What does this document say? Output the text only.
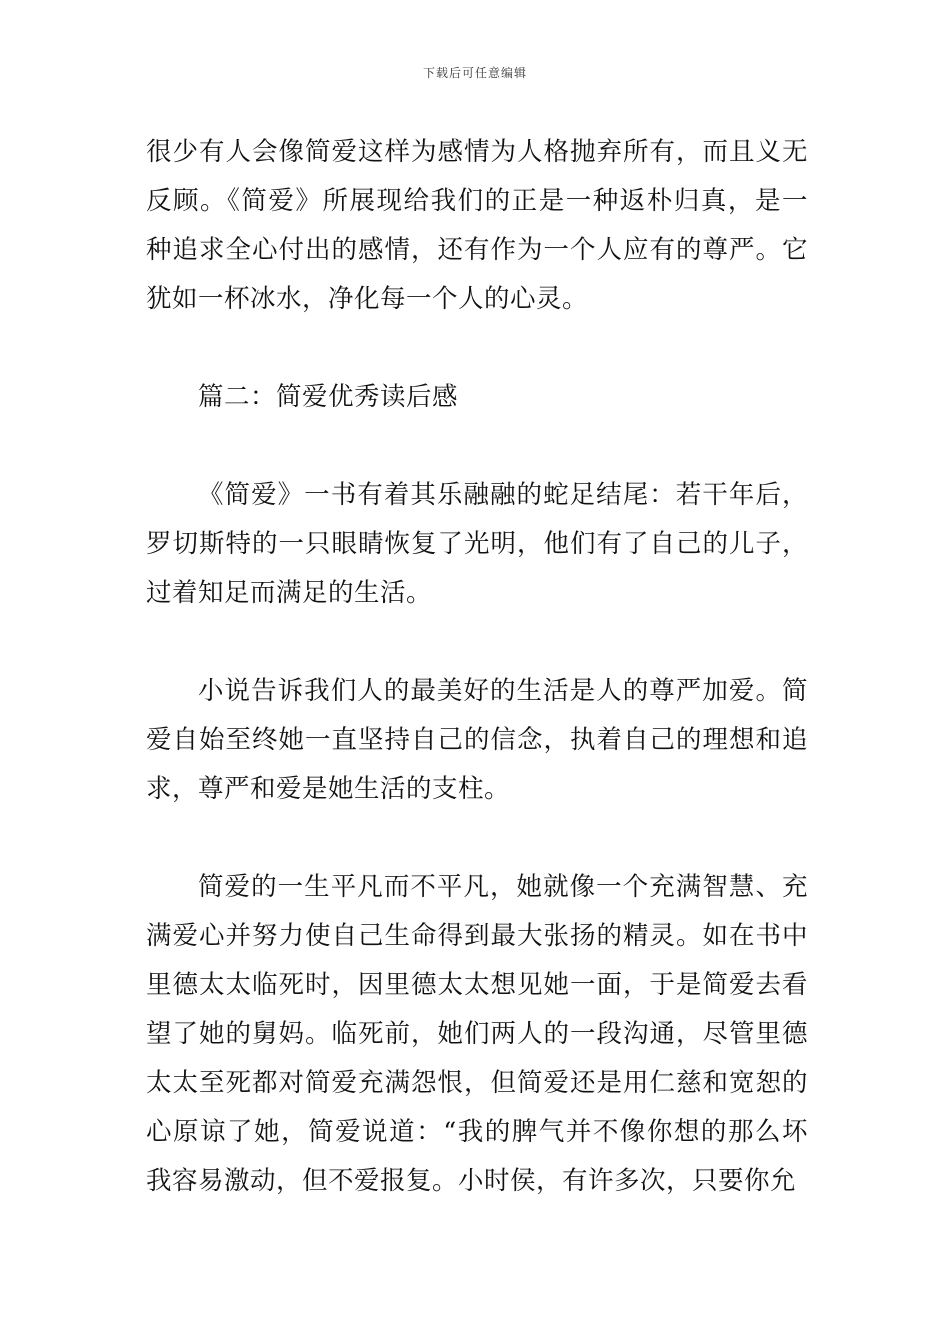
下载后可任意编辑

很少有人会像简爱这样为感情为人格抛弃所有，而且义无反顾。《简爱》所展现给我们的正是一种返朴归真，是一种追求全心付出的感情，还有作为一个人应有的尊严。它犹如一杯冰水，净化每一个人的心灵。

篇二：简爱优秀读后感

《简爱》一书有着其乐融融的蛇足结尾：若干年后，罗切斯特的一只眼睛恢复了光明，他们有了自己的儿子，过着知足而满足的生活。

小说告诉我们人的最美好的生活是人的尊严加爱。简爱自始至终她一直坚持自己的信念，执着自己的理想和追求，尊严和爱是她生活的支柱。

简爱的一生平凡而不平凡，她就像一个充满智慧、充满爱心并努力使自己生命得到最大张扬的精灵。如在书中里德太太临死时，因里德太太想见她一面，于是简爱去看望了她的舅妈。临死前，她们两人的一段沟通，尽管里德太太至死都对简爱充满怨恨，但简爱还是用仁慈和宽恕的心原谅了她，简爱说道：“我的脾气并不像你想的那么坏我容易激动，但不爱报复。小时侯，有许多次，只要你允
